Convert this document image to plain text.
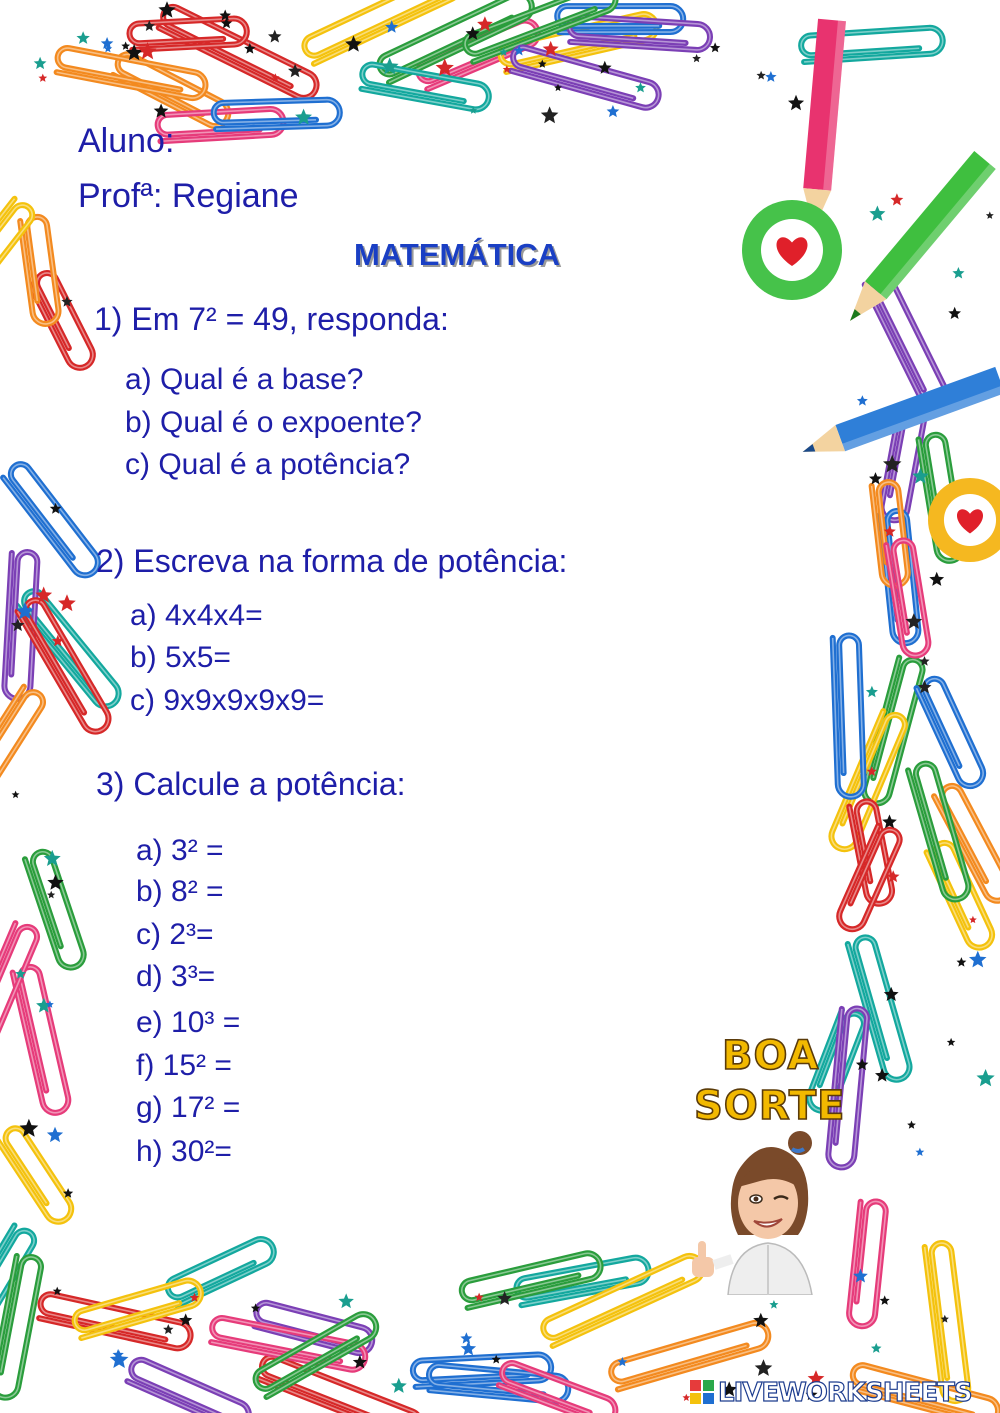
Aluno:
Profª: Regiane
MATEMÁTICA
1) Em 7² = 49, responda:
a) Qual é a base?
b) Qual é o expoente?
c) Qual é a potência?
2) Escreva na forma de potência:
a) 4x4x4=
b) 5x5=
c) 9x9x9x9x9=
3) Calcule a potência:
a) 3² =
b) 8² =
c) 2³=
d) 3³=
e) 10³ =
f) 15² =
g) 17² =
h) 30²=
BOA
SORTE
LIVEWORKSHEETS
